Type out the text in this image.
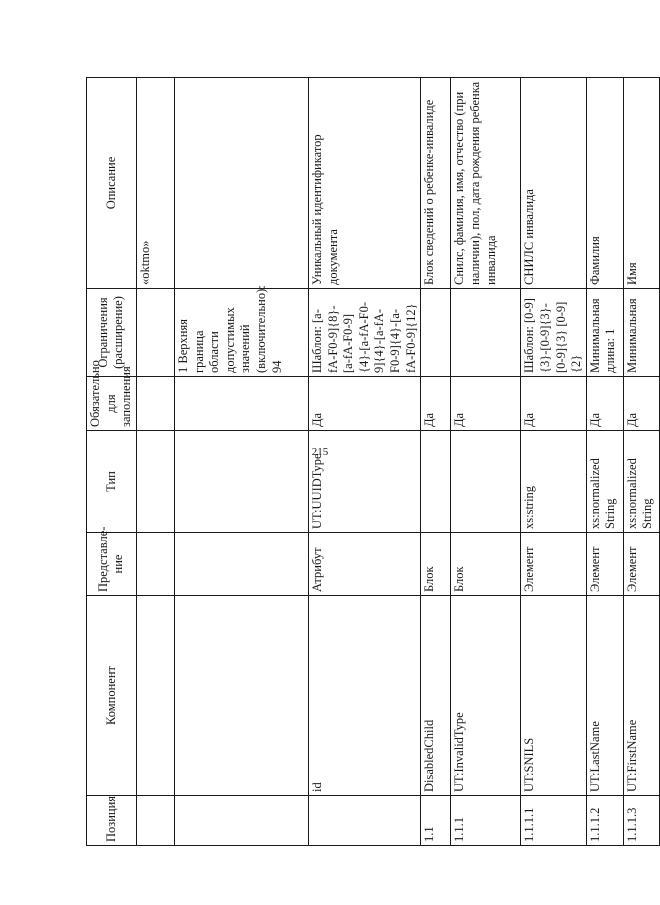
215
Позиция	Компонент	Представле-ние	Тип	Обязательно для заполнения	Ограничения (расширение)	Описание
						«oktmo»
					1 Верхняя граница области допустимых значений (включительно): 94	
	id	Атрибут	UT:UUIDType	Да	Шаблон: [a-fA-F0-9]{8}-[a-fA-F0-9]{4}-[a-fA-F0-9]{4}-[a-fA-F0-9]{4}-[a-fA-F0-9]{12}	Уникальный идентификатор документа
1.1	DisabledChild	Блок		Да		Блок сведений о ребенке-инвалиде
1.1.1	UT:InvalidType	Блок		Да		Снилс, фамилия, имя, отчество (при наличии), пол, дата рождения ребенка инвалида
1.1.1.1	UT:SNILS	Элемент	xs:string	Да	Шаблон: [0-9]{3}-[0-9]{3}-[0-9]{3} [0-9]{2}	СНИЛС инвалида
1.1.1.2	UT:LastName	Элемент	xs:normalized String	Да	Минимальная длина: 1	Фамилия
1.1.1.3	UT:FirstName	Элемент	xs:normalized String	Да	Минимальная	Имя
